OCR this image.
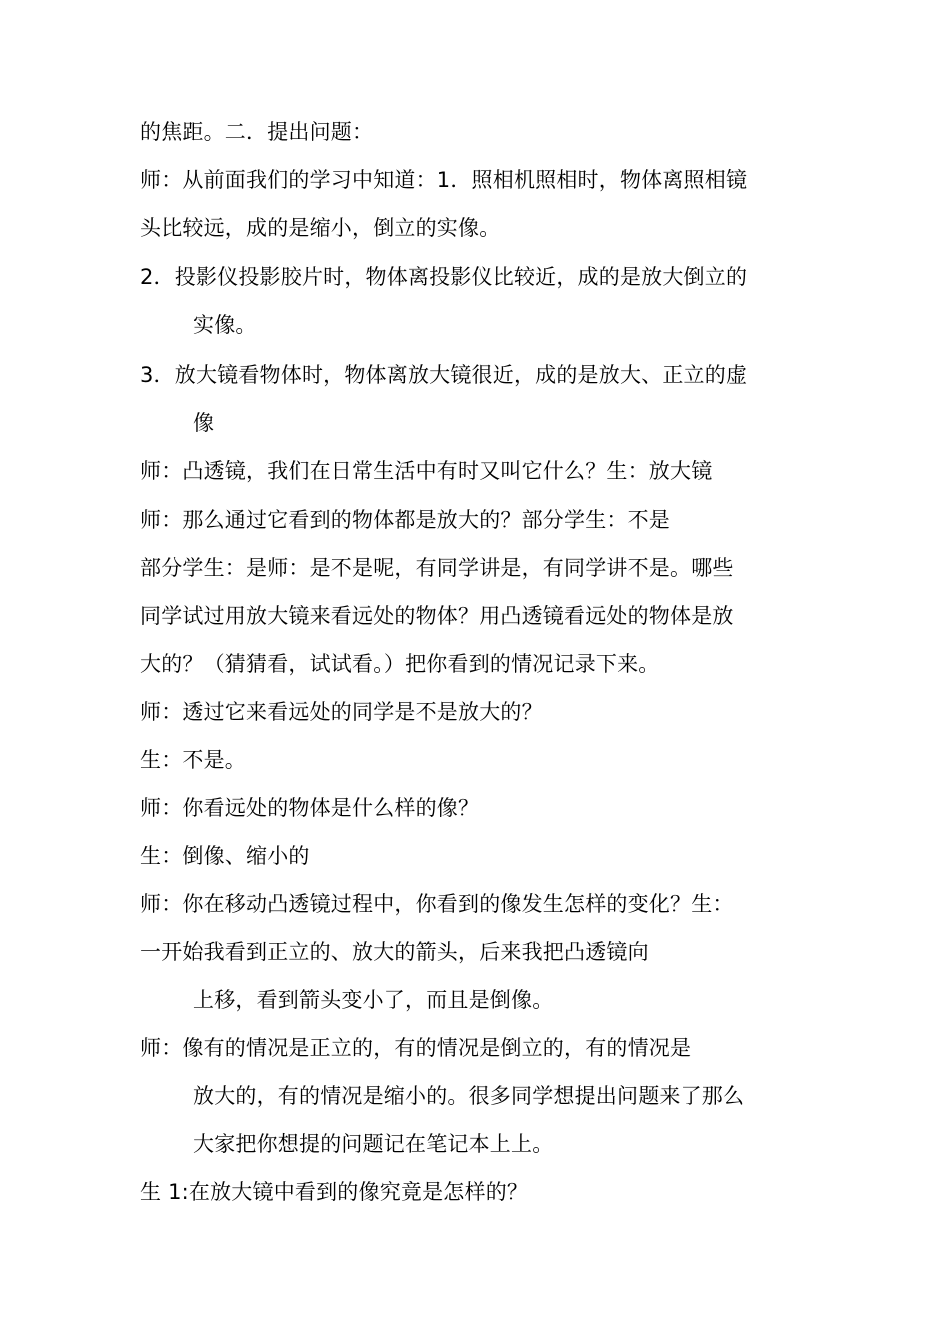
的焦距。二．提出问题：
师：从前面我们的学习中知道：1．照相机照相时，物体离照相镜
头比较远，成的是缩小，倒立的实像。
2．投影仪投影胶片时，物体离投影仪比较近，成的是放大倒立的
实像。
3．放大镜看物体时，物体离放大镜很近，成的是放大、正立的虚
像
师：凸透镜，我们在日常生活中有时又叫它什么？生：放大镜
师：那么通过它看到的物体都是放大的？部分学生：不是
部分学生：是师：是不是呢，有同学讲是，有同学讲不是。哪些
同学试过用放大镜来看远处的物体？用凸透镜看远处的物体是放
大的？（猜猜看，试试看。）把你看到的情况记录下来。
师：透过它来看远处的同学是不是放大的？
生：不是。
师：你看远处的物体是什么样的像？
生：倒像、缩小的
师：你在移动凸透镜过程中，你看到的像发生怎样的变化？生：
一开始我看到正立的、放大的箭头，后来我把凸透镜向
上移，看到箭头变小了，而且是倒像。
师：像有的情况是正立的，有的情况是倒立的，有的情况是
放大的，有的情况是缩小的。很多同学想提出问题来了那么
大家把你想提的问题记在笔记本上上。
生 1:在放大镜中看到的像究竟是怎样的？
